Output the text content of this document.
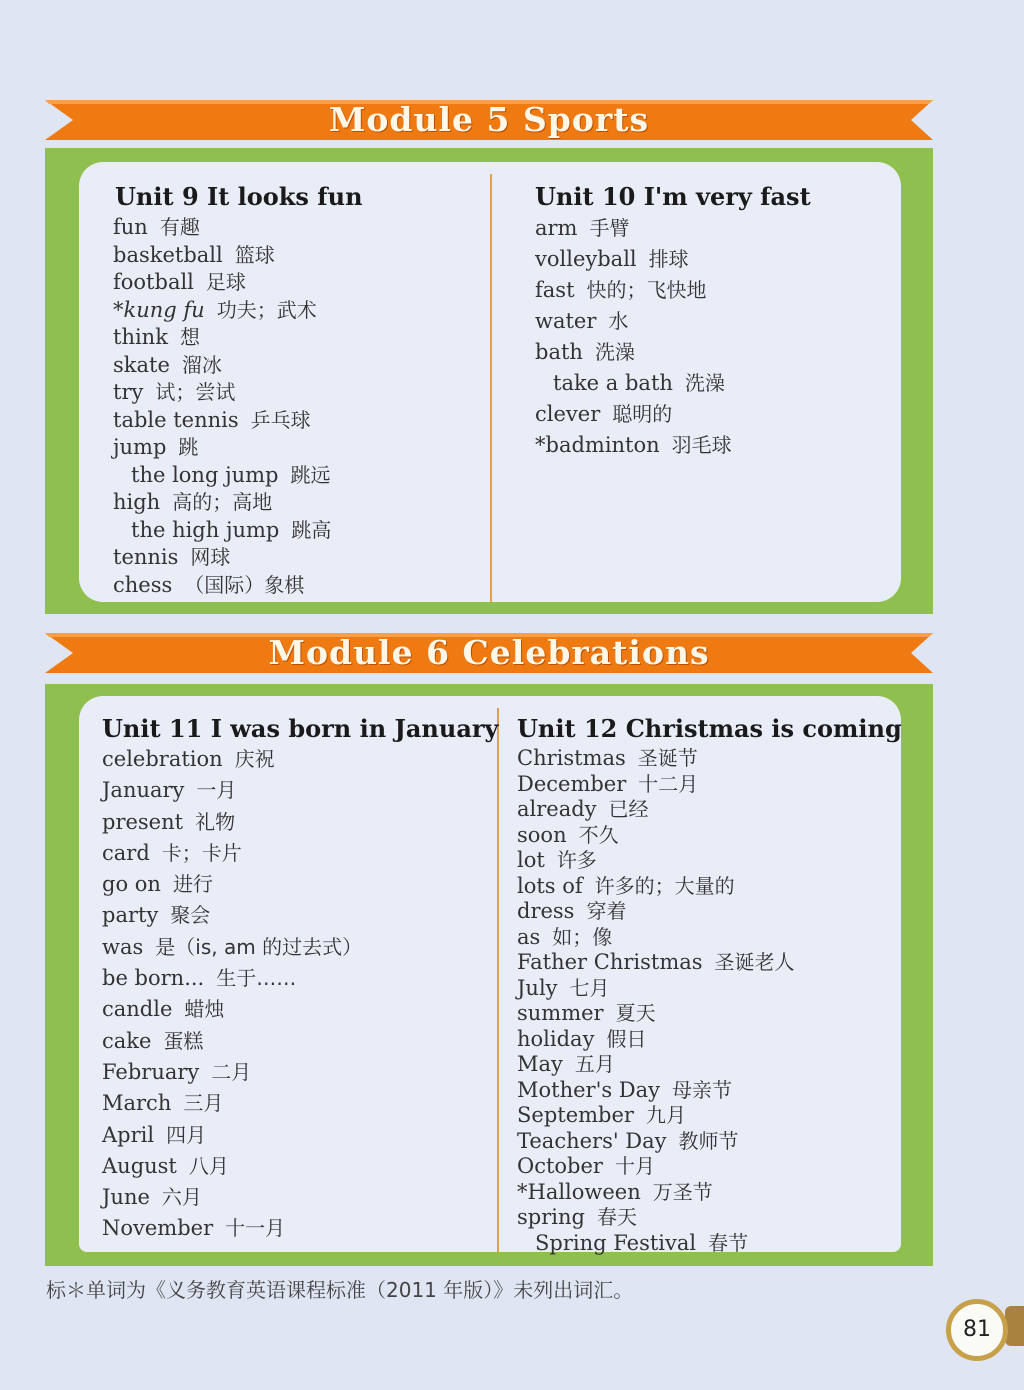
Module 5 Sports
Unit 9 It looks fun	Unit 10 I'm very fast
fun 有趣
basketball 篮球
football 足球
*kung fu 功夫；武术
think 想
skate 溜冰
try 试；尝试
table tennis 乒乓球
jump 跳
the long jump 跳远
high 高的；高地
the high jump 跳高
tennis 网球
chess （国际）象棋
arm 手臂
volleyball 排球
fast 快的；飞快地
water 水
bath 洗澡
take a bath 洗澡
clever 聪明的
*badminton 羽毛球
Module 6 Celebrations
Unit 11 I was born in January Unit 12 Christmas is coming
celebration 庆祝
January 一月
present 礼物
card 卡；卡片
go on 进行
party 聚会
was 是（is, am 的过去式）
be born... 生于……
candle 蜡烛
cake 蛋糕
February 二月
March 三月
April 四月
August 八月
June 六月
November 十一月
Christmas 圣诞节
December 十二月
already 已经
soon 不久
lot 许多
lots of 许多的；大量的
dress 穿着
as 如；像
Father Christmas 圣诞老人
July 七月
summer 夏天
holiday 假日
May 五月
Mother's Day 母亲节
September 九月
Teachers' Day 教师节
October 十月
*Halloween 万圣节
spring 春天
Spring Festival 春节
标＊单词为《义务教育英语课程标准（2011 年版）》未列出词汇。
81
